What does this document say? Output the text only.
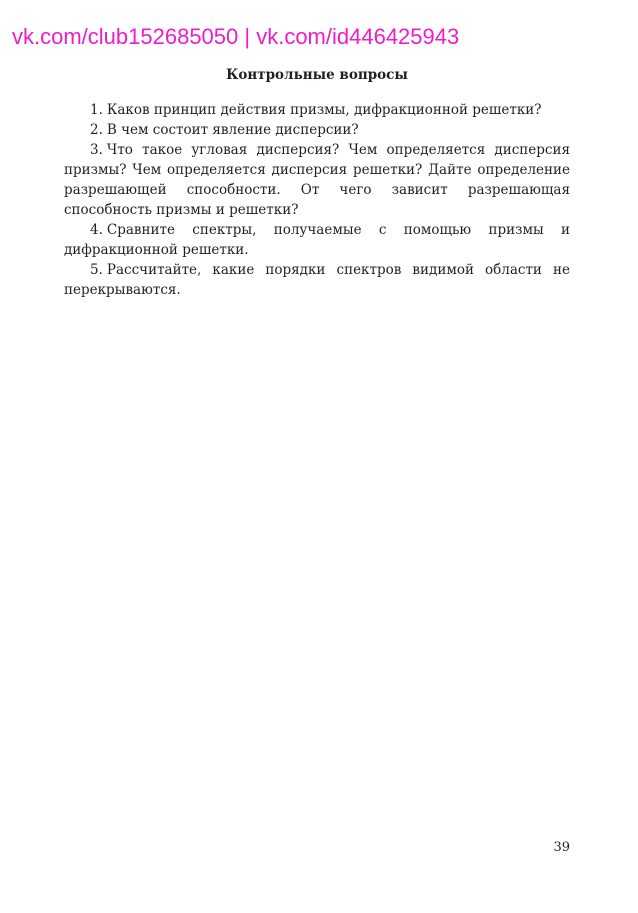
vk.com/club152685050 | vk.com/id446425943
Контрольные вопросы

1. Каков принцип действия призмы, дифракционной решетки?

2. В чем состоит явление дисперсии?

3. Что такое угловая дисперсия? Чем определяется дисперсия призмы? Чем определяется дисперсия решетки? Дайте определение разрешающей способности. От чего зависит разрешающая способность призмы и решетки?

4. Сравните спектры, получаемые с помощью призмы и дифракционной решетки.

5. Рассчитайте, какие порядки спектров видимой области не перекрываются.

39
